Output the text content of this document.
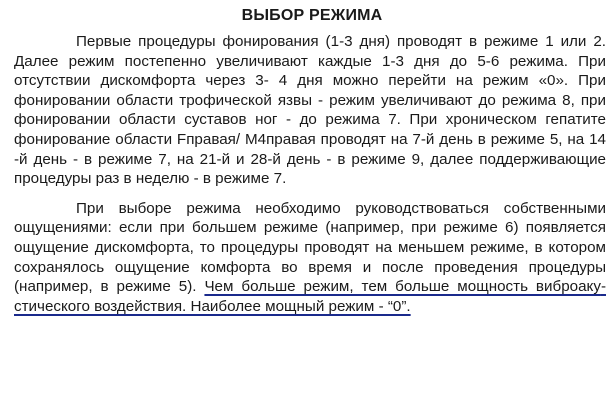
ВЫБОР РЕЖИМА

Первые процедуры фонирования (1-3 дня) проводят в режиме 1 или 2. Далее режим постепенно увеличивают каждые 1-3 дня до 5-6 режима. При отсутствии дискомфорта через 3- 4 дня можно перейти на режим «0». При фонировании области трофической язвы - режим увеличивают до режима 8, при фонировании области суставов ног - до режима 7. При хроническом гепатите фонирование области Fправая/ M4правая проводят на 7-й день в режиме 5, на 14 -й день - в режиме 7, на 21-й и 28-й день - в режиме 9, далее поддерживающие процедуры раз в неделю - в режиме 7.

При выборе режима необходимо руководствоваться собственными ощущениями: если при большем режиме (например, при режиме 6) появляется ощущение дискомфорта, то процедуры проводят на меньшем режиме, в котором сохранялось ощущение комфорта во время и после проведения процедуры (например, в режиме 5). Чем больше режим, тем больше мощность виброакустического воздействия. Наиболее мощный режим - “0”.
